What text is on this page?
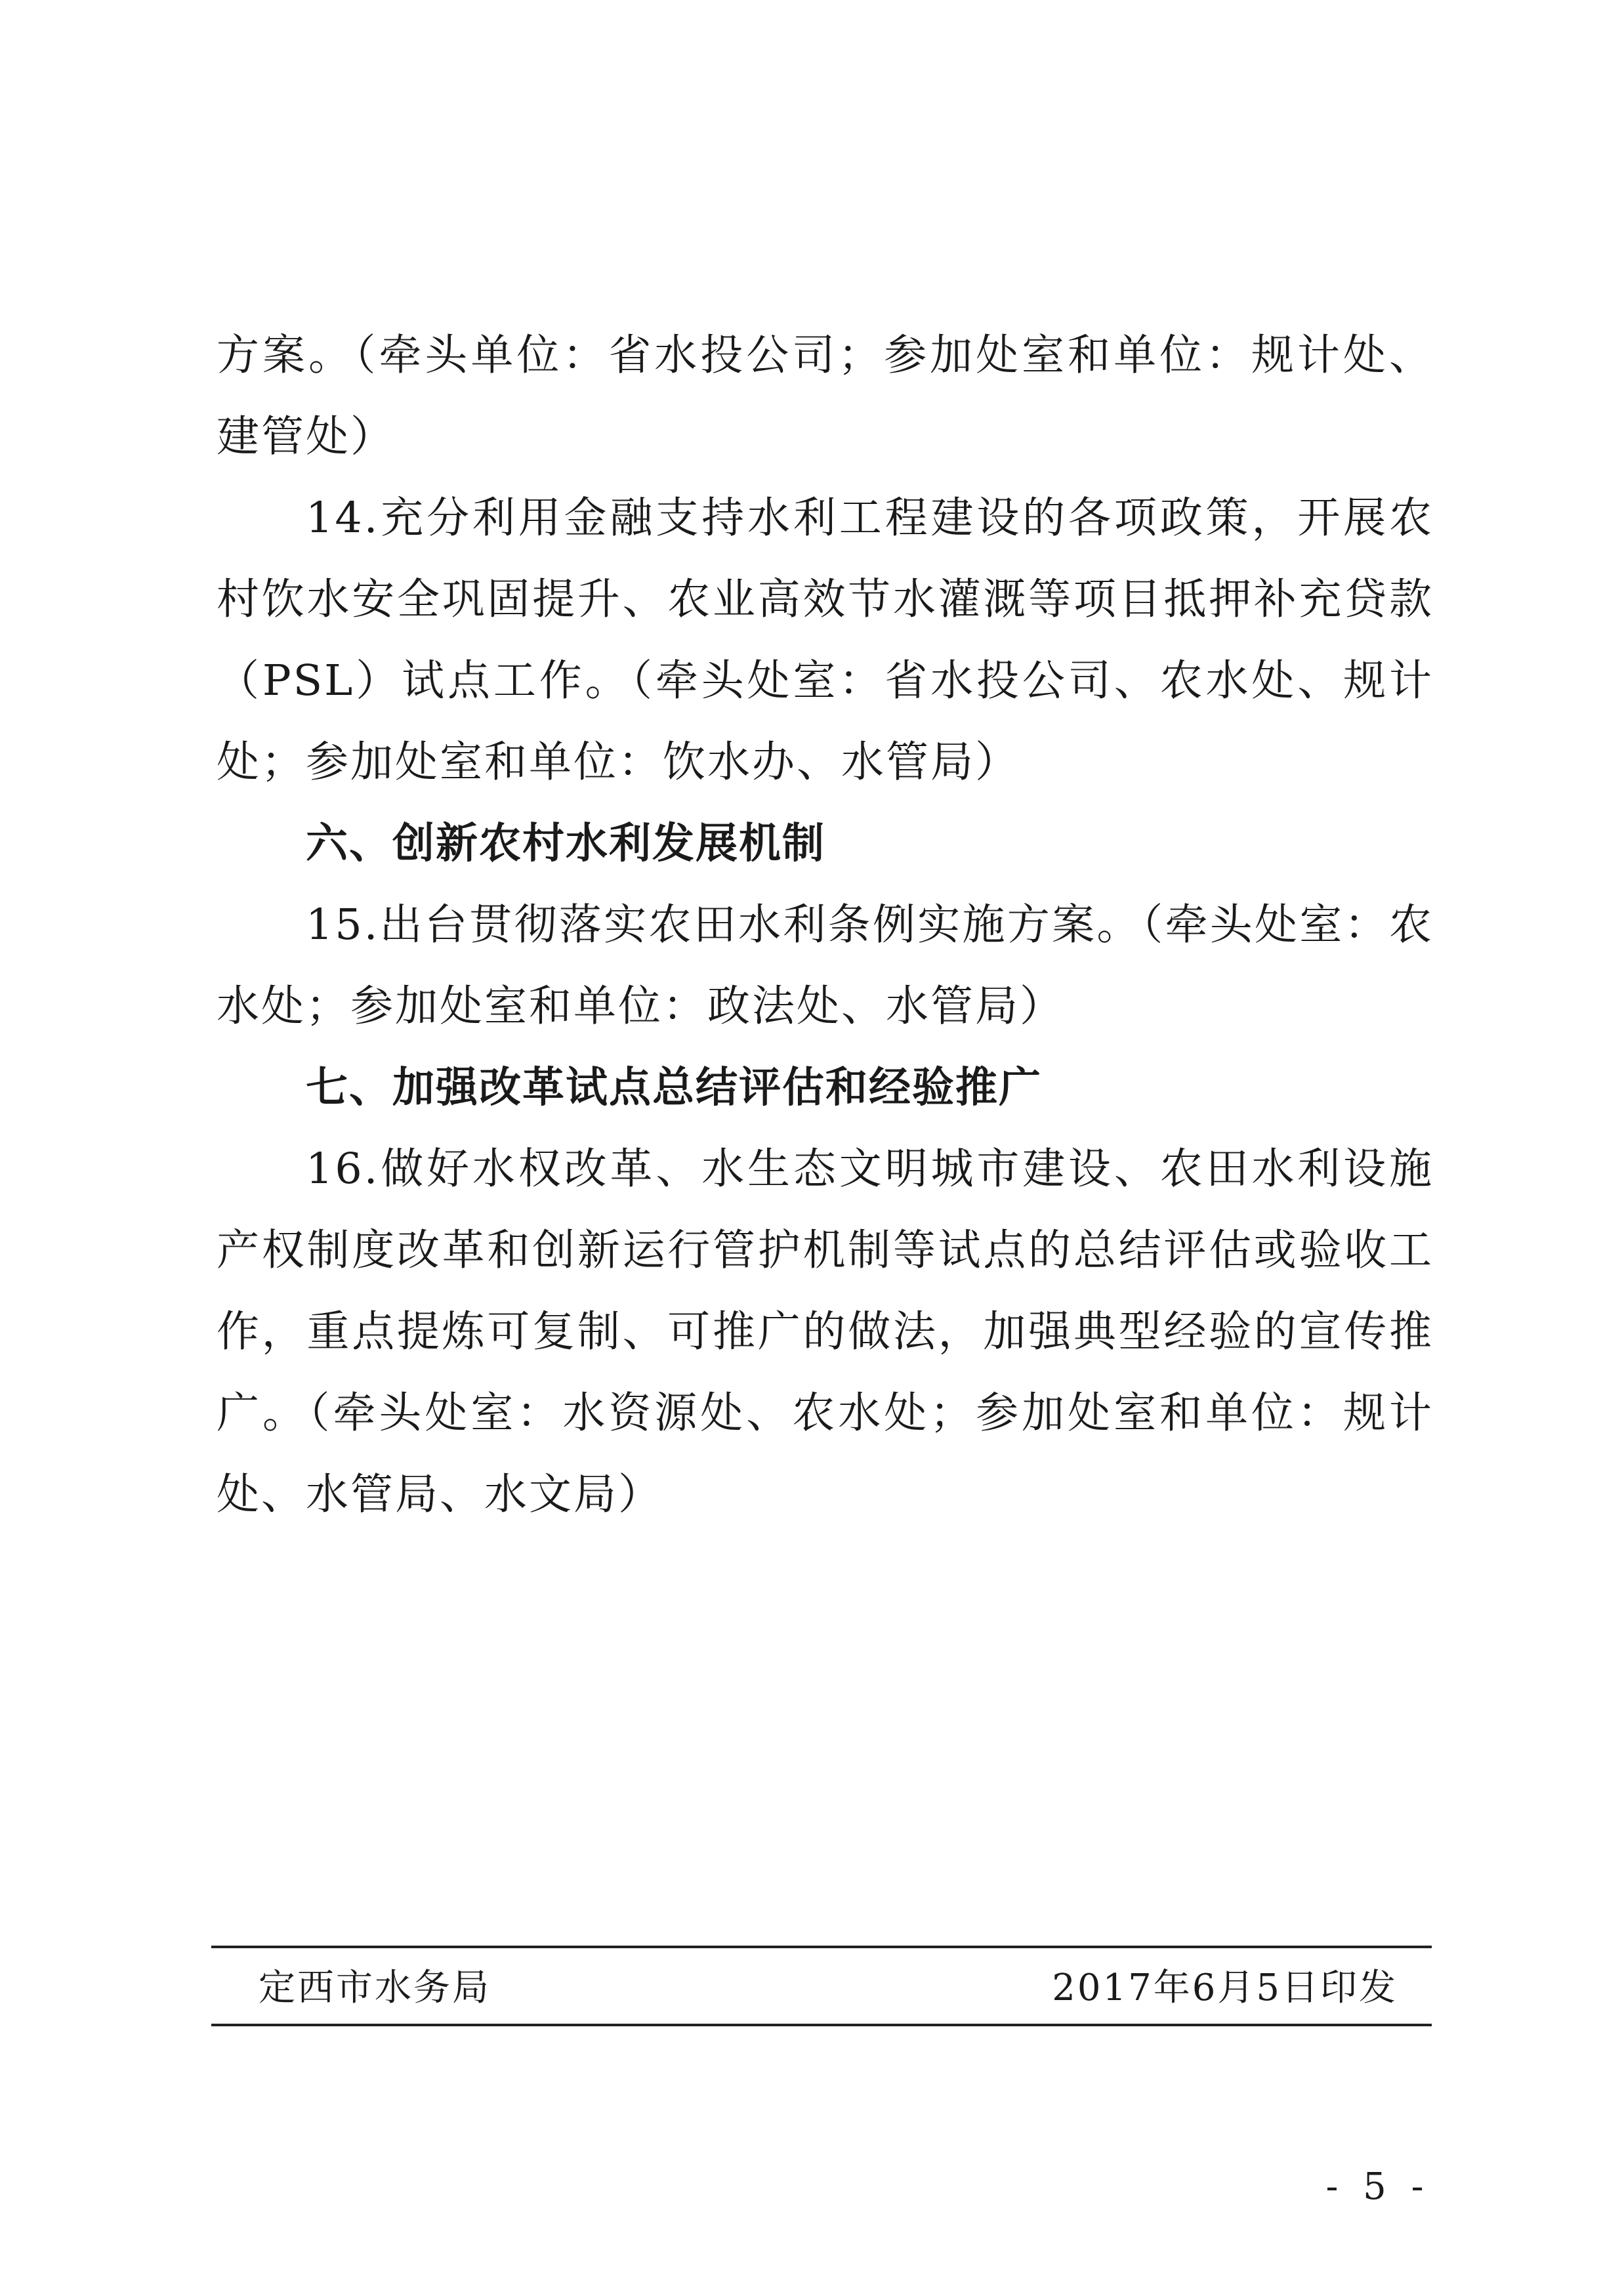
方案。（牵头单位：省水投公司；参加处室和单位：规计处、建管处）

14.充分利用金融支持水利工程建设的各项政策，开展农村饮水安全巩固提升、农业高效节水灌溉等项目抵押补充贷款（PSL）试点工作。（牵头处室：省水投公司、农水处、规计处；参加处室和单位：饮水办、水管局）

六、创新农村水利发展机制

15.出台贯彻落实农田水利条例实施方案。（牵头处室：农水处；参加处室和单位：政法处、水管局）

七、加强改革试点总结评估和经验推广

16.做好水权改革、水生态文明城市建设、农田水利设施产权制度改革和创新运行管护机制等试点的总结评估或验收工作，重点提炼可复制、可推广的做法，加强典型经验的宣传推广。（牵头处室：水资源处、农水处；参加处室和单位：规计处、水管局、水文局）

定西市水务局	2017年6月5日印发
- 5 -
